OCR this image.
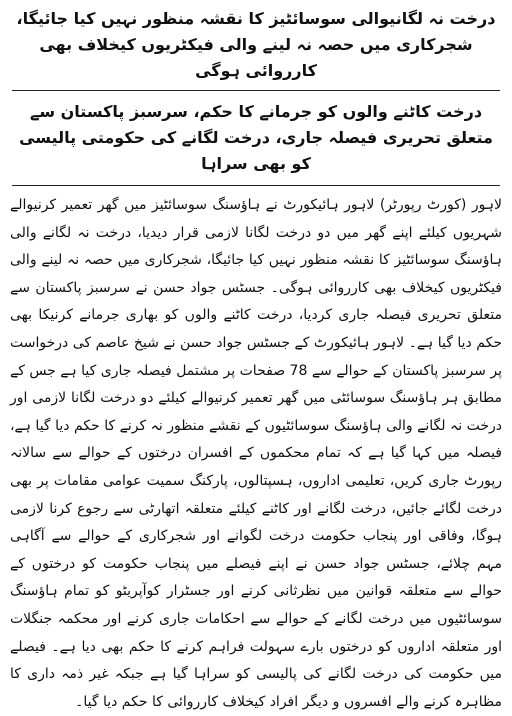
درخت نہ لگانیوالی سوسائٹیز کا نقشہ منظور نہیں کیا جائیگا، شجرکاری میں حصہ نہ لینے والی فیکٹریوں کیخلاف بھی کارروائی ہوگی
درخت کاٹنے والوں کو جرمانے کا حکم، سرسبز پاکستان سے متعلق تحریری فیصلہ جاری، درخت لگانے کی حکومتی پالیسی کو بھی سراہا

لاہور (کورٹ رپورٹر) لاہور ہائیکورٹ نے ہاؤسنگ سوسائٹیز میں گھر تعمیر کرنیوالے شہریوں کیلئے اپنے گھر میں دو درخت لگانا لازمی قرار دیدیا، درخت نہ لگانے والی ہاؤسنگ سوسائٹیز کا نقشہ منظور نہیں کیا جائیگا، شجرکاری میں حصہ نہ لینے والی فیکٹریوں کیخلاف بھی کارروائی ہوگی۔ جسٹس جواد حسن نے سرسبز پاکستان سے متعلق تحریری فیصلہ جاری کردیا، درخت کاٹنے والوں کو بھاری جرمانے کرنیکا بھی حکم دیا گیا ہے۔ لاہور ہائیکورٹ کے جسٹس جواد حسن نے شیخ عاصم کی درخواست پر سرسبز پاکستان کے حوالے سے 78 صفحات پر مشتمل فیصلہ جاری کیا ہے جس کے مطابق ہر ہاؤسنگ سوسائٹی میں گھر تعمیر کرنیوالے کیلئے دو درخت لگانا لازمی اور درخت نہ لگانے والی ہاؤسنگ سوسائٹیوں کے نقشے منظور نہ کرنے کا حکم دیا گیا ہے، فیصلہ میں کہا گیا ہے کہ تمام محکموں کے افسران درختوں کے حوالے سے سالانہ رپورٹ جاری کریں، تعلیمی اداروں، ہسپتالوں، پارکنگ سمیت عوامی مقامات پر بھی درخت لگائے جائیں، درخت لگانے اور کاٹنے کیلئے متعلقہ اتھارٹی سے رجوع کرنا لازمی ہوگا، وفاقی اور پنجاب حکومت درخت لگوانے اور شجرکاری کے حوالے سے آگاہی مہم چلائے، جسٹس جواد حسن نے اپنے فیصلے میں پنجاب حکومت کو درختوں کے حوالے سے متعلقہ قوانین میں نظرثانی کرنے اور جسٹرار کوآپریٹو کو تمام ہاؤسنگ سوسائٹیوں میں درخت لگانے کے حوالے سے احکامات جاری کرنے اور محکمہ جنگلات اور متعلقہ اداروں کو درختوں بارے سہولت فراہم کرنے کا حکم بھی دیا ہے۔ فیصلے میں حکومت کی درخت لگانے کی پالیسی کو سراہا گیا ہے جبکہ غیر ذمہ داری کا مظاہرہ کرنے والے افسروں و دیگر افراد کیخلاف کارروائی کا حکم دیا گیا۔
